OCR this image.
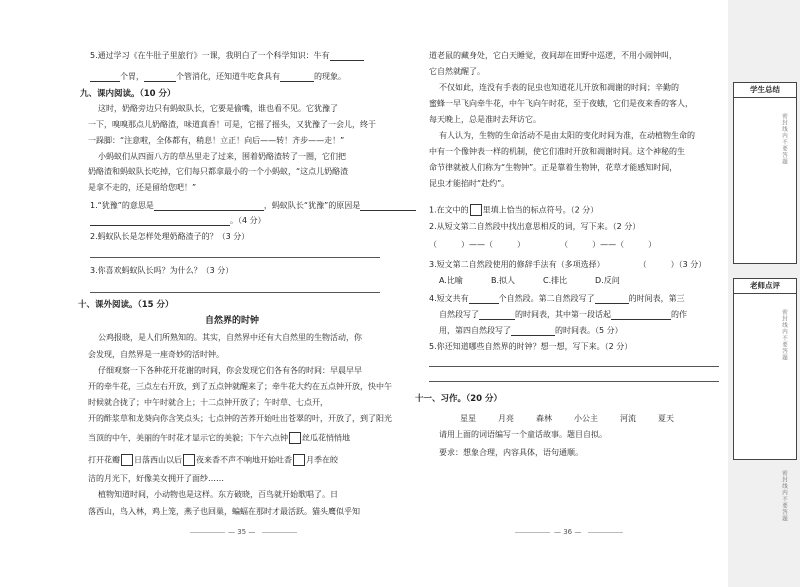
5.通过学习《在牛肚子里旅行》一课，我明白了一个科学知识：牛有
个胃，	个管消化，还知道牛吃食具有	的现象。
九、课内阅读。（10 分）
这时，奶酪旁边只有蚂蚁队长，它要是偷嘴，谁也看不见。它犹豫了
一下，嗅嗅那点儿奶酪渣，味道真香！可是，它摇了摇头，又犹豫了一会儿，终于
一跺脚：“注意啦，全体都有，稍息！立正！向后——转！齐步——走！”
小蚂蚁们从四面八方的草丛里走了过来，围着奶酪渣转了一圈，它们把
奶酪渣和蚂蚁队长吃掉，它们每只都拿最小的一个小蚂蚁，“这点儿奶酪渣
是拿不走的，还是留给您吧！”
1.“犹豫”的意思是	，蚂蚁队长“犹豫”的原因是
。（4 分）
2.蚂蚁队长是怎样处理奶酪渣子的？（3 分）
3.你喜欢蚂蚁队长吗？为什么？（3 分）
十、课外阅读。（15 分）
自然界的时钟
公鸡报晓，是人们所熟知的。其实，自然界中还有大自然里的生物活动，你
会发现，自然界是一座奇妙的活时钟。
仔细观察一下各种花开花谢的时间，你会发现它们各有各的时间：早晨早早
开的牵牛花，三点左右开放，到了五点钟就醒来了；牵牛花大约在五点钟开放，快中午
时候就合拢了；中午时就合上；十二点钟开放了；午时草、七点开，
开的酢浆草和龙葵向你含笑点头；七点钟的苦荞开始吐出苍翠的叶，开放了，到了阳光
当顶的中午，美丽的午时花才显示它的美貌；下午六点钟 丝瓜花悄悄地
打开花瓣 日落西山以后 夜来香不声不响地开始吐香 月季在皎
洁的月光下，好像美女拥开了面纱……
植物知道时间，小动物也是这样。东方破晓，百鸟就开始歌唱了。日
落西山，鸟入林，鸡上笼，燕子也回巢，蝙蝠在那时才最活跃。猫头鹰似乎知
— 35 —
道老鼠的藏身处，它白天睡觉，夜间却在田野中巡逻，不用小闹钟叫，
它自然就醒了。
不仅如此，连没有手表的昆虫也知道花儿开放和凋谢的时间；辛勤的
蜜蜂一早飞向牵牛花，中午飞向午时花，至于夜蛾，它们是夜来香的客人，
每天晚上，总是准时去拜访它。
有人认为，生物的生命活动不是由太阳的变化时间为准，在动植物生命的
中有一个像钟表一样的机制，使它们准时开放和凋谢时间。这个神秘的生
命节律就被人们称为“生物钟”。正是靠着生物钟，花草才能感知时间，
昆虫才能掐时“赴约”。
1.在文中的 里填上恰当的标点符号。（2 分）
2.从短文第二自然段中找出意思相反的词，写下来。（2 分）
（	）——（	）	（	）——（	）
3.短文第二自然段使用的修辞手法有（多项选择）	（	）（3 分）
A.比喻	B.拟人	C.排比	D.反问
4.短文共有	个自然段。第二自然段写了	的时间表，第三
自然段写了	的时间表，其中第一段话起	的作
用，第四自然段写了	的时间表。（5 分）
5.你还知道哪些自然界的时钟？想一想，写下来。（2 分）
十一、习作。（20 分）
星星	月亮	森林	小公主	河流	夏天
请用上面的词语编写一个童话故事。题目自拟。
要求：想象合理，内容具体，语句通顺。
— 36 —
学生总结
密封线内不要答题
老师点评
密封线内不要答题
密封线内不要答题
